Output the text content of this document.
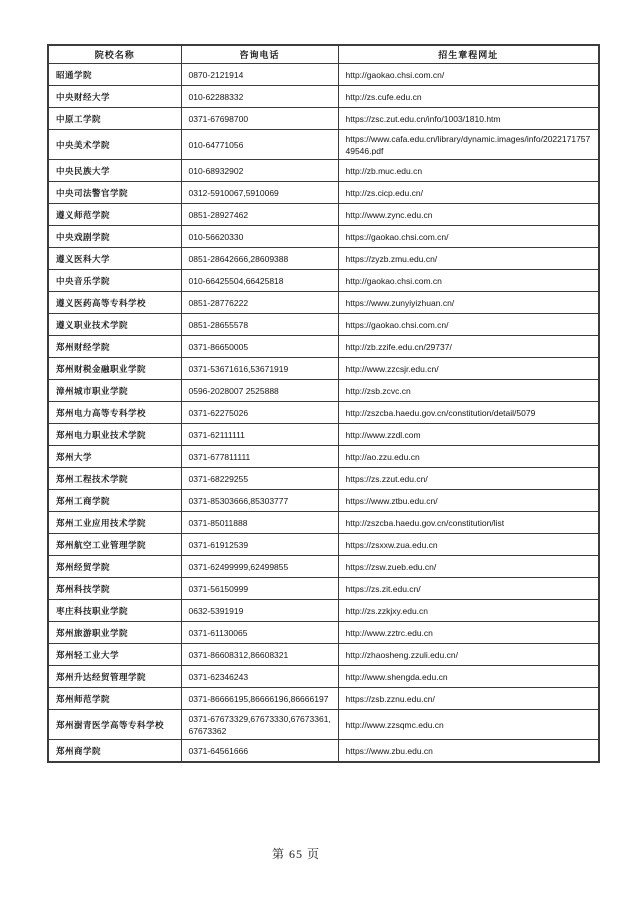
院校名称	咨询电话	招生章程网址
昭通学院	0870-2121914	http://gaokao.chsi.com.cn/
中央财经大学	010-62288332	http://zs.cufe.edu.cn
中原工学院	0371-67698700	https://zsc.zut.edu.cn/info/1003/1810.htm
中央美术学院	010-64771056	https://www.cafa.edu.cn/library/dynamic.images/info/202217175749546.pdf
中央民族大学	010-68932902	http://zb.muc.edu.cn
中央司法警官学院	0312-5910067,5910069	http://zs.cicp.edu.cn/
遵义师范学院	0851-28927462	http://www.zync.edu.cn
中央戏剧学院	010-56620330	https://gaokao.chsi.com.cn/
遵义医科大学	0851-28642666,28609388	https://zyzb.zmu.edu.cn/
中央音乐学院	010-66425504,66425818	http://gaokao.chsi.com.cn
遵义医药高等专科学校	0851-28776222	https://www.zunyiyizhuan.cn/
遵义职业技术学院	0851-28655578	https://gaokao.chsi.com.cn/
郑州财经学院	0371-86650005	http://zb.zzife.edu.cn/29737/
郑州财税金融职业学院	0371-53671616,53671919	http://www.zzcsjr.edu.cn/
漳州城市职业学院	0596-2028007 2525888	http://zsb.zcvc.cn
郑州电力高等专科学校	0371-62275026	http://zszcba.haedu.gov.cn/constitution/detail/5079
郑州电力职业技术学院	0371-62111111	http://www.zzdl.com
郑州大学	0371-677811111	http://ao.zzu.edu.cn
郑州工程技术学院	0371-68229255	https://zs.zzut.edu.cn/
郑州工商学院	0371-85303666,85303777	https://www.ztbu.edu.cn/
郑州工业应用技术学院	0371-85011888	http://zszcba.haedu.gov.cn/constitution/list
郑州航空工业管理学院	0371-61912539	https://zsxxw.zua.edu.cn
郑州经贸学院	0371-62499999,62499855	https://zsw.zueb.edu.cn/
郑州科技学院	0371-56150999	https://zs.zit.edu.cn/
枣庄科技职业学院	0632-5391919	http://zs.zzkjxy.edu.cn
郑州旅游职业学院	0371-61130065	http://www.zztrc.edu.cn
郑州轻工业大学	0371-86608312,86608321	http://zhaosheng.zzuli.edu.cn/
郑州升达经贸管理学院	0371-62346243	http://www.shengda.edu.cn
郑州师范学院	0371-86666195,86666196,86666197	https://zsb.zznu.edu.cn/
郑州澍青医学高等专科学校	0371-67673329,67673330,67673361,67673362	http://www.zzsqmc.edu.cn
郑州商学院	0371-64561666	https://www.zbu.edu.cn
第 65 页
